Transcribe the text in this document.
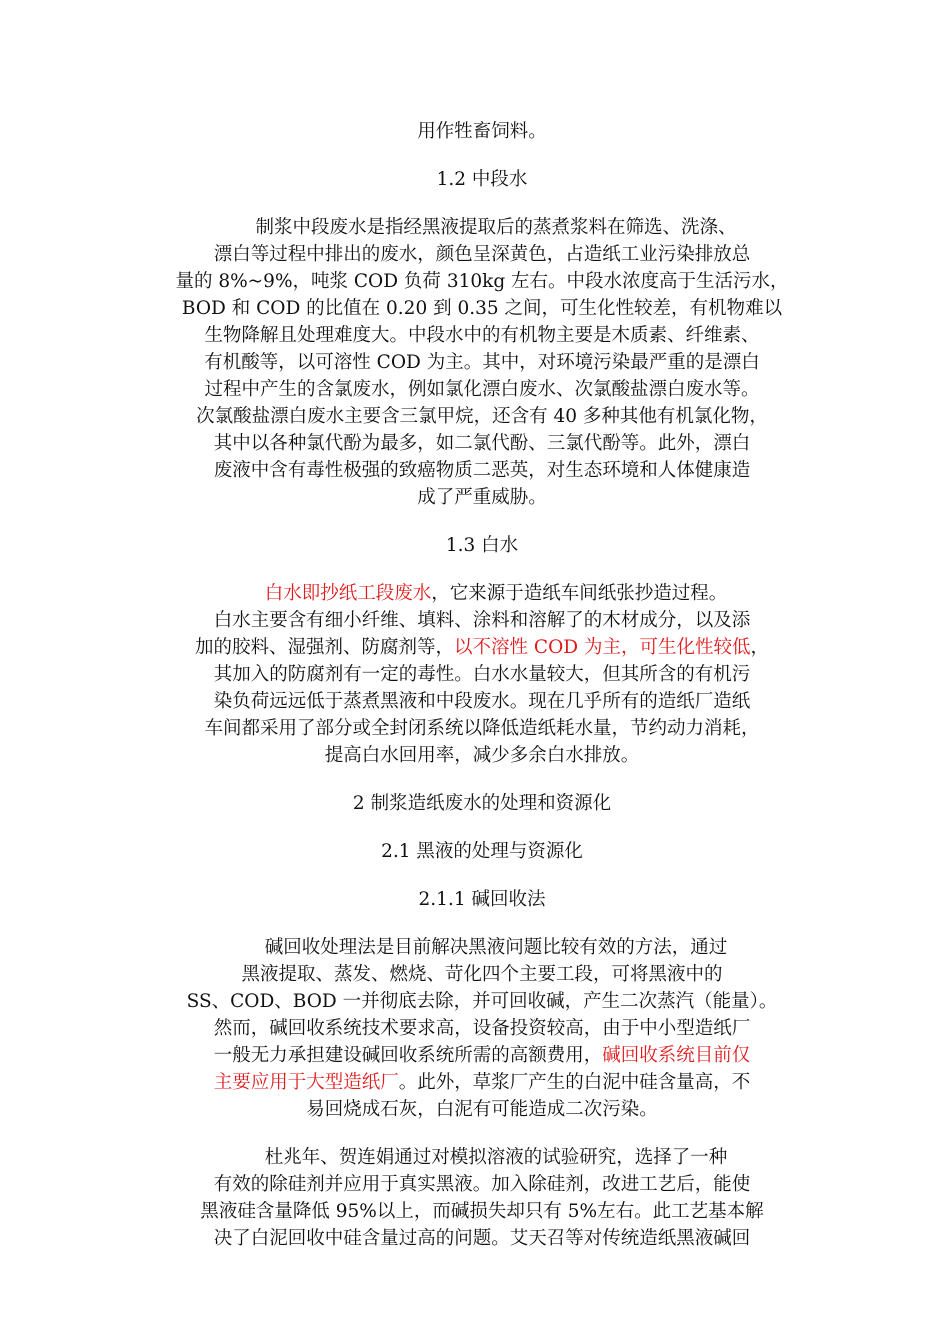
用作牲畜饲料。

1.2 中段水

制浆中段废水是指经黑液提取后的蒸煮浆料在筛选、洗涤、
漂白等过程中排出的废水，颜色呈深黄色，占造纸工业污染排放总
量的 8%~9%，吨浆 COD 负荷 310kg 左右。中段水浓度高于生活污水，
BOD 和 COD 的比值在 0.20 到 0.35 之间，可生化性较差，有机物难以
生物降解且处理难度大。中段水中的有机物主要是木质素、纤维素、
有机酸等，以可溶性 COD 为主。其中，对环境污染最严重的是漂白
过程中产生的含氯废水，例如氯化漂白废水、次氯酸盐漂白废水等。
次氯酸盐漂白废水主要含三氯甲烷，还含有 40 多种其他有机氯化物，
其中以各种氯代酚为最多，如二氯代酚、三氯代酚等。此外，漂白
废液中含有毒性极强的致癌物质二恶英，对生态环境和人体健康造
成了严重威胁。

1.3 白水

白水即抄纸工段废水，它来源于造纸车间纸张抄造过程。
白水主要含有细小纤维、填料、涂料和溶解了的木材成分，以及添
加的胶料、湿强剂、防腐剂等，以不溶性 COD 为主，可生化性较低，
其加入的防腐剂有一定的毒性。白水水量较大，但其所含的有机污
染负荷远远低于蒸煮黑液和中段废水。现在几乎所有的造纸厂造纸
车间都采用了部分或全封闭系统以降低造纸耗水量，节约动力消耗，
提高白水回用率，减少多余白水排放。

2 制浆造纸废水的处理和资源化

2.1 黑液的处理与资源化

2.1.1 碱回收法

碱回收处理法是目前解决黑液问题比较有效的方法，通过
黑液提取、蒸发、燃烧、苛化四个主要工段，可将黑液中的
SS、COD、BOD 一并彻底去除，并可回收碱，产生二次蒸汽（能量）。
然而，碱回收系统技术要求高，设备投资较高，由于中小型造纸厂
一般无力承担建设碱回收系统所需的高额费用，碱回收系统目前仅
主要应用于大型造纸厂。此外，草浆厂产生的白泥中硅含量高，不
易回烧成石灰，白泥有可能造成二次污染。
杜兆年、贺连娟通过对模拟溶液的试验研究，选择了一种
有效的除硅剂并应用于真实黑液。加入除硅剂，改进工艺后，能使
黑液硅含量降低 95%以上，而碱损失却只有 5%左右。此工艺基本解
决了白泥回收中硅含量过高的问题。艾天召等对传统造纸黑液碱回
